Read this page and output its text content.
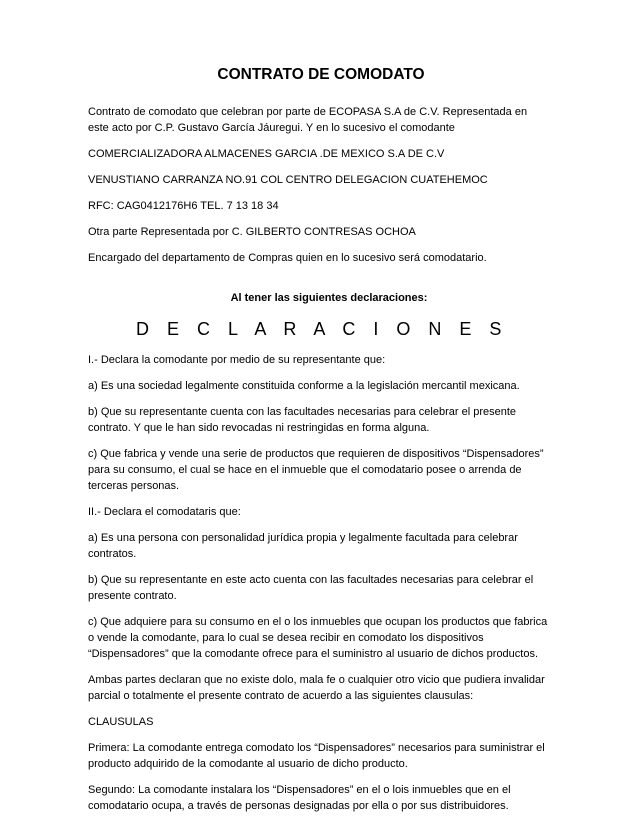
CONTRATO DE COMODATO

Contrato de comodato que celebran por parte de ECOPASA S.A de C.V. Representada en este acto por C.P. Gustavo García Jáuregui. Y en lo sucesivo el comodante

COMERCIALIZADORA ALMACENES GARCIA .DE MEXICO S.A DE C.V

VENUSTIANO CARRANZA NO.91 COL CENTRO DELEGACION CUATEHEMOC

RFC: CAG0412176H6 TEL. 7 13 18 34

Otra parte Representada por C. GILBERTO CONTRESAS OCHOA

Encargado del departamento de Compras quien en lo sucesivo será comodatario.

Al tener las siguientes declaraciones:

D E C L A R A C I O N E S

I.- Declara la comodante por medio de su representante que:

a) Es una sociedad legalmente constituida conforme a la legislación mercantil mexicana.

b) Que su representante cuenta con las facultades necesarias para celebrar el presente contrato. Y que le han sido revocadas ni restringidas en forma alguna.

c) Que fabrica y vende una serie de productos que requieren de dispositivos “Dispensadores” para su consumo, el cual se hace en el inmueble que el comodatario posee o arrenda de terceras personas.

II.- Declara el comodataris que:

a) Es una persona con personalidad jurídica propia y legalmente facultada para celebrar contratos.

b) Que su representante en este acto cuenta con las facultades necesarias para celebrar el presente contrato.

c) Que adquiere para su consumo en el o los inmuebles que ocupan los productos que fabrica o vende la comodante, para lo cual se desea recibir en comodato los dispositivos “Dispensadores” que la comodante ofrece para el suministro al usuario de dichos productos.

Ambas partes declaran que no existe dolo, mala fe o cualquier otro vicio que pudiera invalidar parcial o totalmente el presente contrato de acuerdo a las siguientes clausulas:

CLAUSULAS

Primera: La comodante entrega comodato los “Dispensadores” necesarios para suministrar el producto adquirido de la comodante al usuario de dicho producto.

Segundo: La comodante instalara los “Dispensadores” en el o lois inmuebles que en el comodatario ocupa, a través de personas designadas por ella o por sus distribuidores.
